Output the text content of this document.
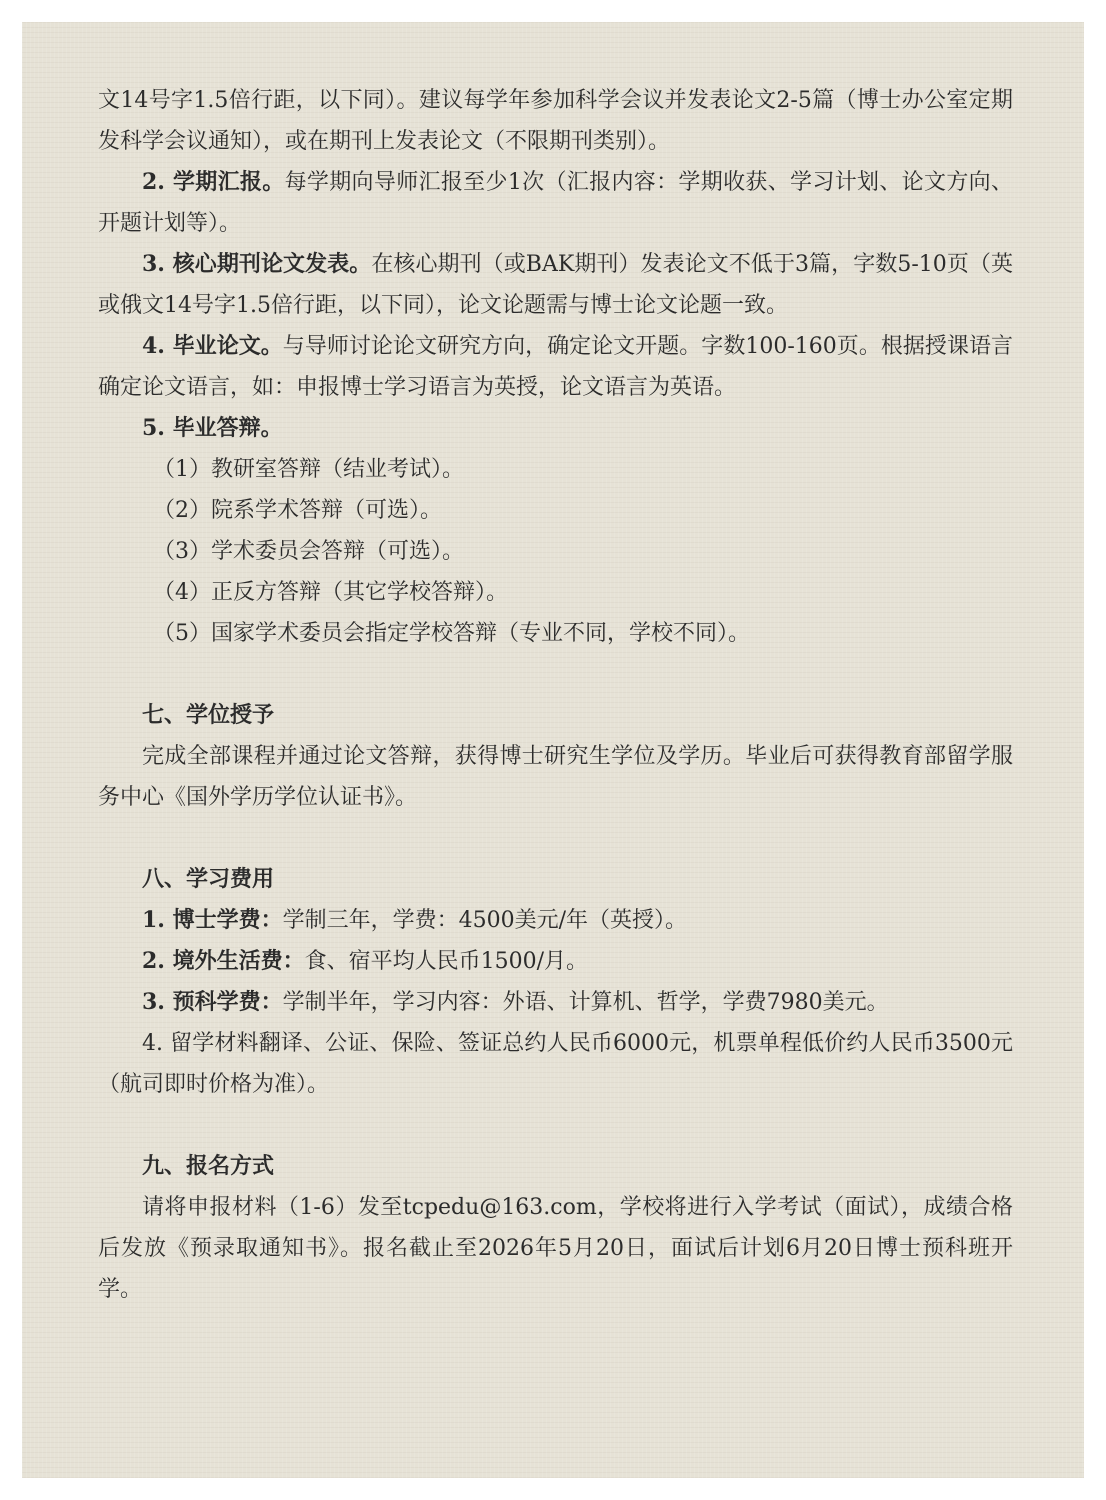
文14号字1.5倍行距，以下同）。建议每学年参加科学会议并发表论文2-5篇（博士办公室定期发科学会议通知），或在期刊上发表论文（不限期刊类别）。

2. 学期汇报。每学期向导师汇报至少1次（汇报内容：学期收获、学习计划、论文方向、开题计划等）。

3. 核心期刊论文发表。在核心期刊（或BAK期刊）发表论文不低于3篇，字数5-10页（英或俄文14号字1.5倍行距，以下同），论文论题需与博士论文论题一致。

4. 毕业论文。与导师讨论论文研究方向，确定论文开题。字数100-160页。根据授课语言确定论文语言，如：申报博士学习语言为英授，论文语言为英语。

5. 毕业答辩。

（1）教研室答辩（结业考试）。

（2）院系学术答辩（可选）。

（3）学术委员会答辩（可选）。

（4）正反方答辩（其它学校答辩）。

（5）国家学术委员会指定学校答辩（专业不同，学校不同）。

七、学位授予

完成全部课程并通过论文答辩，获得博士研究生学位及学历。毕业后可获得教育部留学服务中心《国外学历学位认证书》。

八、学习费用

1. 博士学费：学制三年，学费：4500美元/年（英授）。

2. 境外生活费：食、宿平均人民币1500/月。

3. 预科学费：学制半年，学习内容：外语、计算机、哲学，学费7980美元。

4. 留学材料翻译、公证、保险、签证总约人民币6000元，机票单程低价约人民币3500元（航司即时价格为准）。

九、报名方式

请将申报材料（1-6）发至tcpedu@163.com，学校将进行入学考试（面试），成绩合格后发放《预录取通知书》。报名截止至2026年5月20日，面试后计划6月20日博士预科班开学。
